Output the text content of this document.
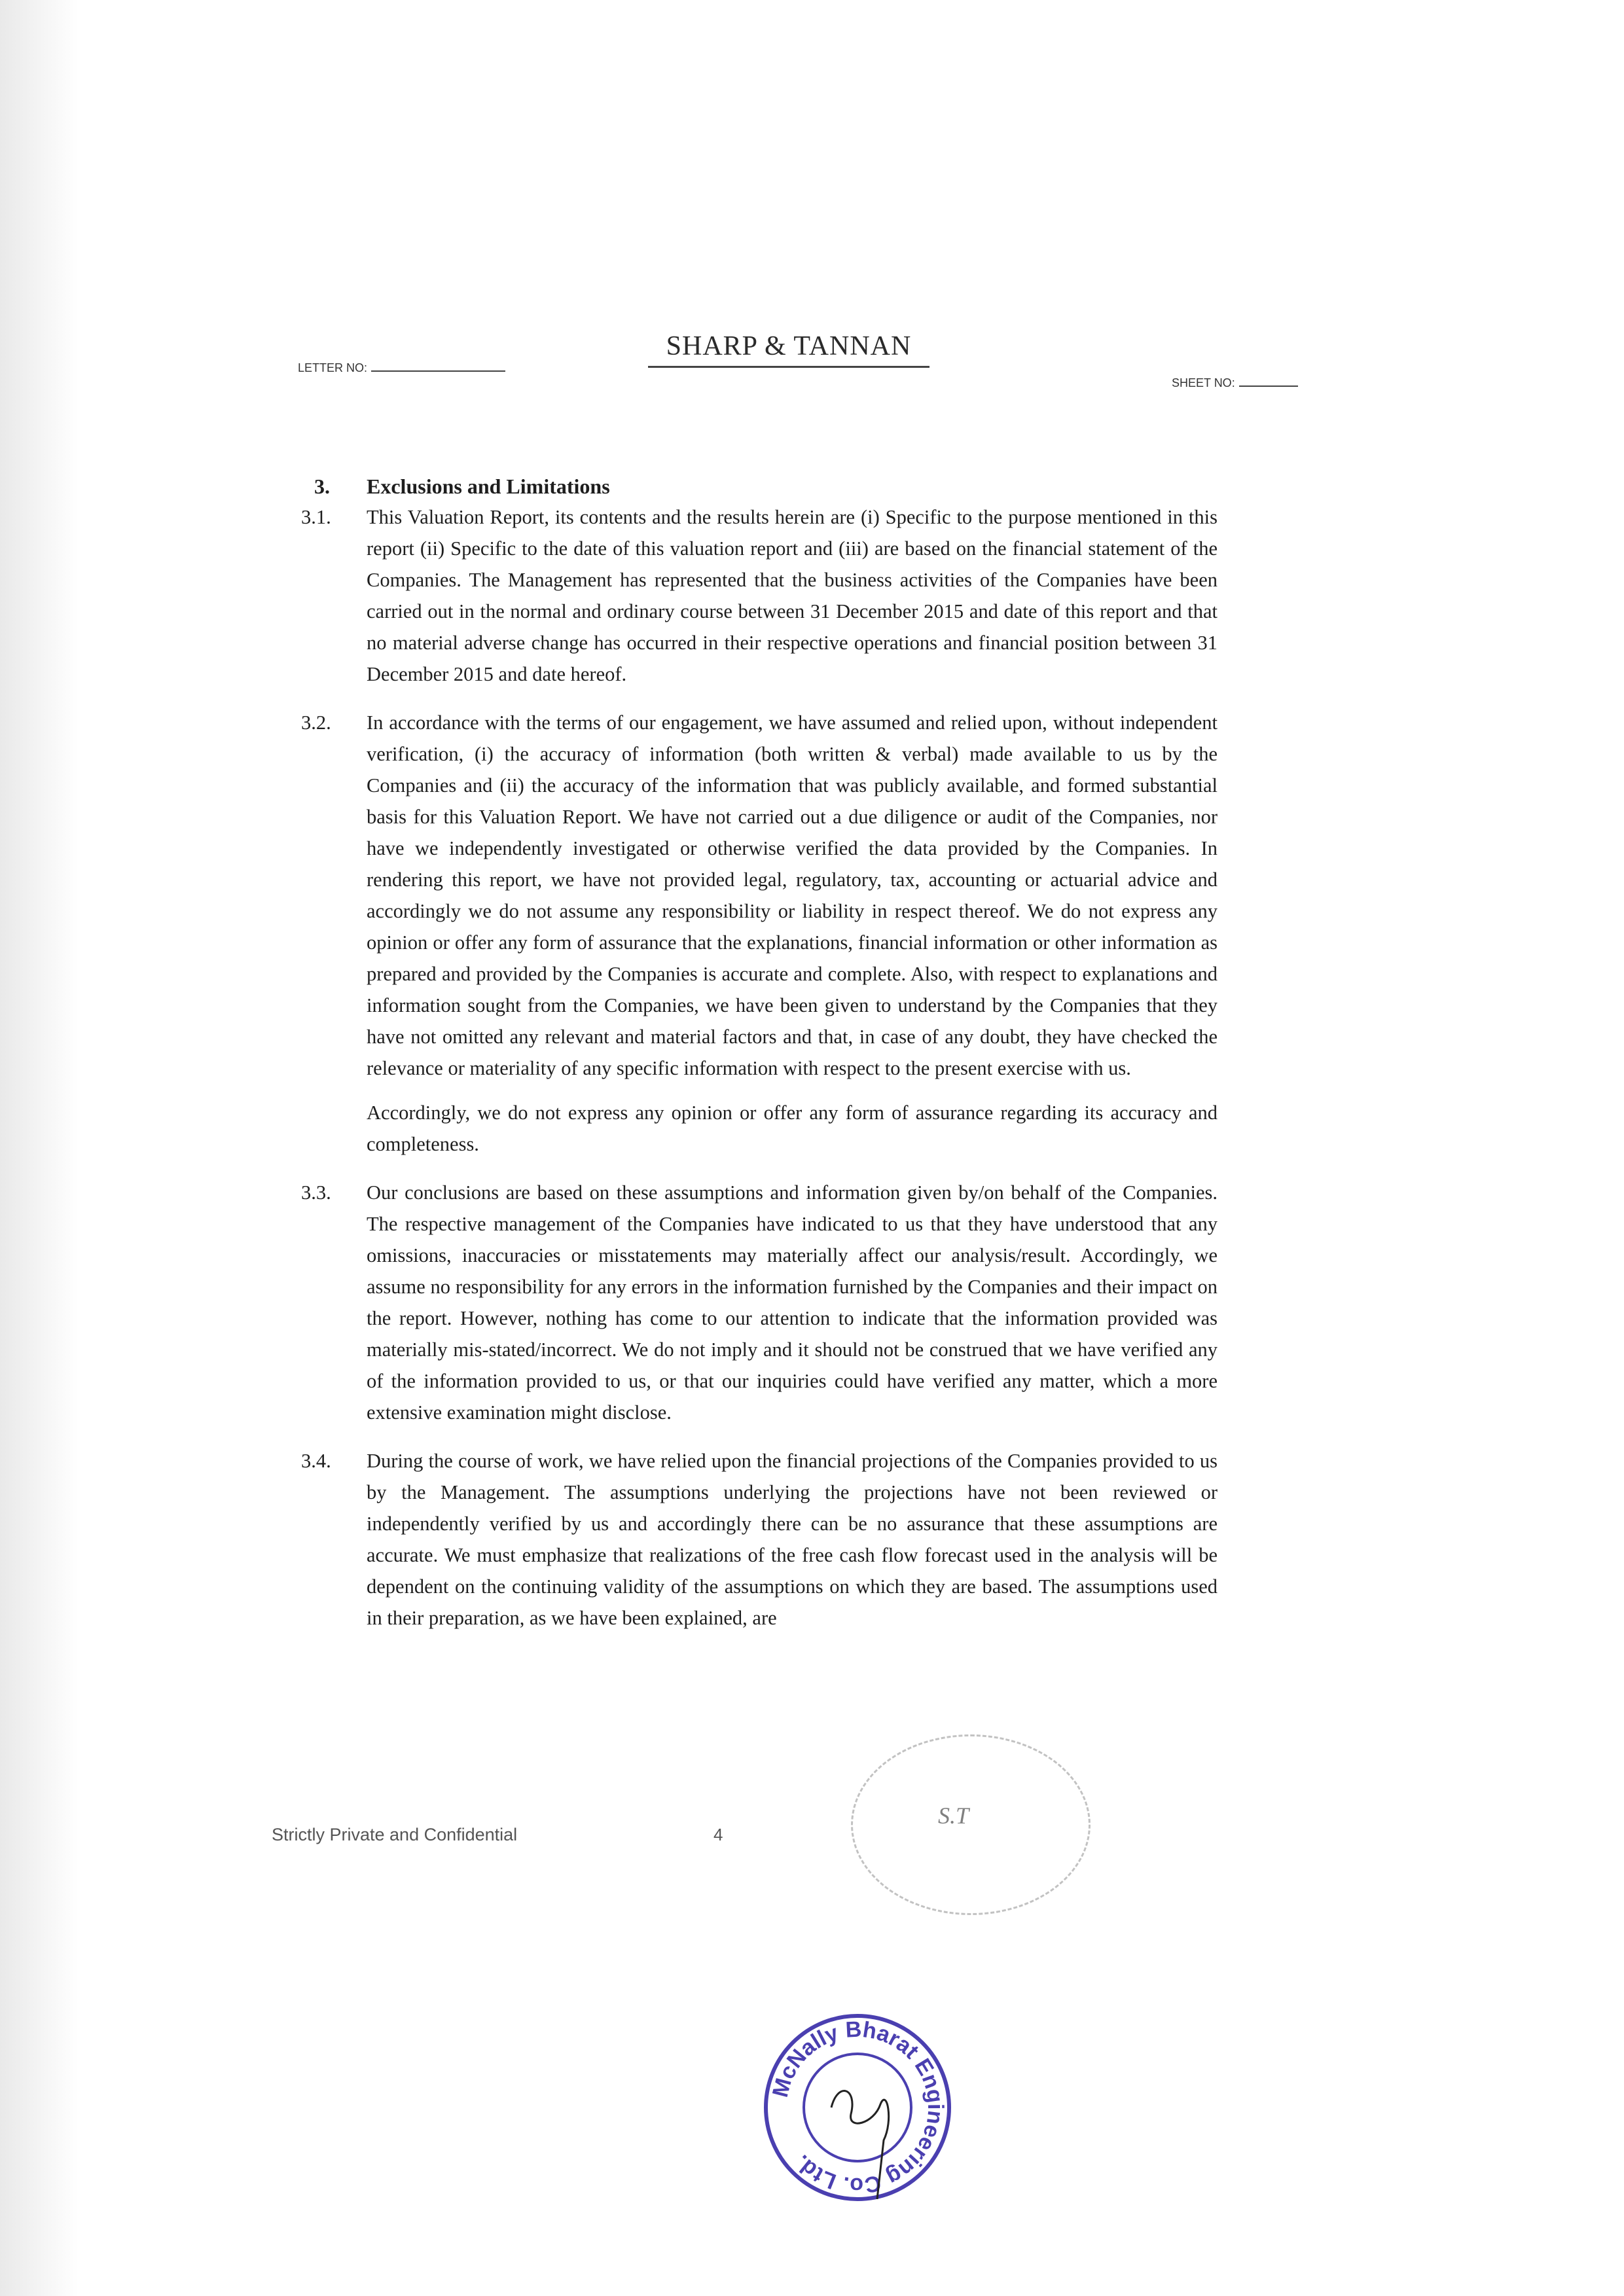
SHARP & TANNAN
LETTER NO:
SHEET NO:
3.	Exclusions and Limitations
3.1.	This Valuation Report, its contents and the results herein are (i) Specific to the purpose mentioned in this report (ii) Specific to the date of this valuation report and (iii) are based on the financial statement of the Companies. The Management has represented that the business activities of the Companies have been carried out in the normal and ordinary course between 31 December 2015 and date of this report and that no material adverse change has occurred in their respective operations and financial position between 31 December 2015 and date hereof.

3.2.	In accordance with the terms of our engagement, we have assumed and relied upon, without independent verification, (i) the accuracy of information (both written & verbal) made available to us by the Companies and (ii) the accuracy of the information that was publicly available, and formed substantial basis for this Valuation Report. We have not carried out a due diligence or audit of the Companies, nor have we independently investigated or otherwise verified the data provided by the Companies. In rendering this report, we have not provided legal, regulatory, tax, accounting or actuarial advice and accordingly we do not assume any responsibility or liability in respect thereof. We do not express any opinion or offer any form of assurance that the explanations, financial information or other information as prepared and provided by the Companies is accurate and complete. Also, with respect to explanations and information sought from the Companies, we have been given to understand by the Companies that they have not omitted any relevant and material factors and that, in case of any doubt, they have checked the relevance or materiality of any specific information with respect to the present exercise with us.

Accordingly, we do not express any opinion or offer any form of assurance regarding its accuracy and completeness.

3.3.	Our conclusions are based on these assumptions and information given by/on behalf of the Companies. The respective management of the Companies have indicated to us that they have understood that any omissions, inaccuracies or misstatements may materially affect our analysis/result. Accordingly, we assume no responsibility for any errors in the information furnished by the Companies and their impact on the report. However, nothing has come to our attention to indicate that the information provided was materially mis-stated/incorrect. We do not imply and it should not be construed that we have verified any of the information provided to us, or that our inquiries could have verified any matter, which a more extensive examination might disclose.

3.4.	During the course of work, we have relied upon the financial projections of the Companies provided to us by the Management. The assumptions underlying the projections have not been reviewed or independently verified by us and accordingly there can be no assurance that these assumptions are accurate. We must emphasize that realizations of the free cash flow forecast used in the analysis will be dependent on the continuing validity of the assumptions on which they are based. The assumptions used in their preparation, as we have been explained, are

Strictly Private and Confidential	4
S.T
McNally Bharat Engineering Co. Ltd.
